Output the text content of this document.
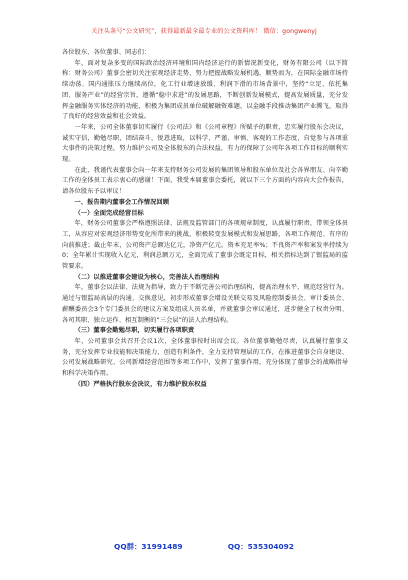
关注头条号“公文研究”，获得最新最全最专业的公文资料库！ 微信：gongwenyj

各位股东、各位董事、同志们：

年，面对复杂多变的国际政治经济环境和国内经济运行的新情况新变化，财务有限公司（以下简称：财务公司）董事会密切关注宏观经济走势，努力把握战略发展机遇，顺势而为，在国际金融市场持续动荡、国内通胀压力继续高位，化工行业增速放缓、利润下滑的市场背景中，坚持“立足、依托集团、服务产业”的经营宗旨，遵循“稳中求进”的发展思路，不断创新发展模式，提高发展质量，充分发挥金融服务实体经济的功能，积极为集团成员单位破解融资难题，以金融手段推动集团产业腾飞，取得了良好的经营效益和社会效益。

一年来，公司全体董事切实履行《公司法》和《公司章程》所赋予的职责，忠实履行股东会决议，诚实守信，勤勉尽职，团结奋斗，锐意进取，以科学、严谨、审慎、客观的工作态度，自觉参与各项重大事件的决策过程，努力维护公司及全体股东的合法权益，有力的保障了公司年各项工作目标的顺利实现。

在此，我谨代表董事会向一年来支持财务公司发展的集团领导和股东单位及社会各界朋友、向辛勤工作的全体员工表示衷心的感谢！下面，我受本届董事会委托，就以下三个方面的内容向大会作报告，请各位股东予以审议！

一、报告期内董事会工作情况回顾

（一）全面完成经营目标

年，财务公司董事会严格遵照法律、法规及监管部门的各项规章制度，认真履行职责，带领全体员工，从容应对宏观经济形势变化所带来的挑战，积极转变发展模式和发展思路，各项工作规范、有序的向前推进；截止年末，公司资产总额达亿元，净资产亿元。资本充足率%；不良资产率和案发率持续为0；全年累计实现收入亿元，利润总额万元，全面完成了董事会既定目标，相关指标达到了银监局的监管要求。

（二）以推进董事会建设为核心，完善法人治理结构

年，董事会以法律、法规为指导，致力于不断完善公司治理结构，提高治理水平，规范经营行为。通过与银监局高层的沟通、交换意见，初步形成董事会增设关联交易及风险控制委员会、审计委员会、薪酬委员会3个专门委员会的建议方案及组成人员名单，并就董事会审议通过，进步健全了权责分明、各司其职、独立运作、相互制衡的“三会层”的法人治理结构。

（三）董事会勤勉尽职，切实履行各项职责

年，公司董事会共召开会议1次，全体董事按时出席会议。各位董事勤勉尽责，认真履行董事义务，充分发挥专业技能和决策能力，创造有利条件，全力支持管理层的工作，在推进董事会自身建设、公司发展战略研究、公司新增经营范围等多项工作中，发挥了董事作用，充分体现了董事会的战略指导和科学决策作用。

（四）严格执行股东会决议，有力维护股东权益

QQ群：31991489	QQ：535304092
